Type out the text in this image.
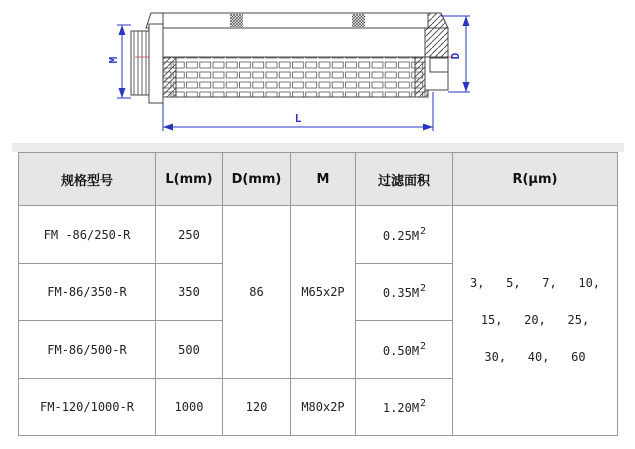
M
D
L
规格型号	L(mm)	D(mm)	M	过滤面积	R(μm)
FM -86/250-R	250	86	M65x2P	$0.25M^2$	3,   5,   7,   10,
15,   20,   25,
30,   40,   60

FM-86/350-R	350			$0.35M^2$
FM-86/500-R	500			$0.50M^2$
FM-120/1000-R	1000	120	M80x2P	$1.20M^2$
